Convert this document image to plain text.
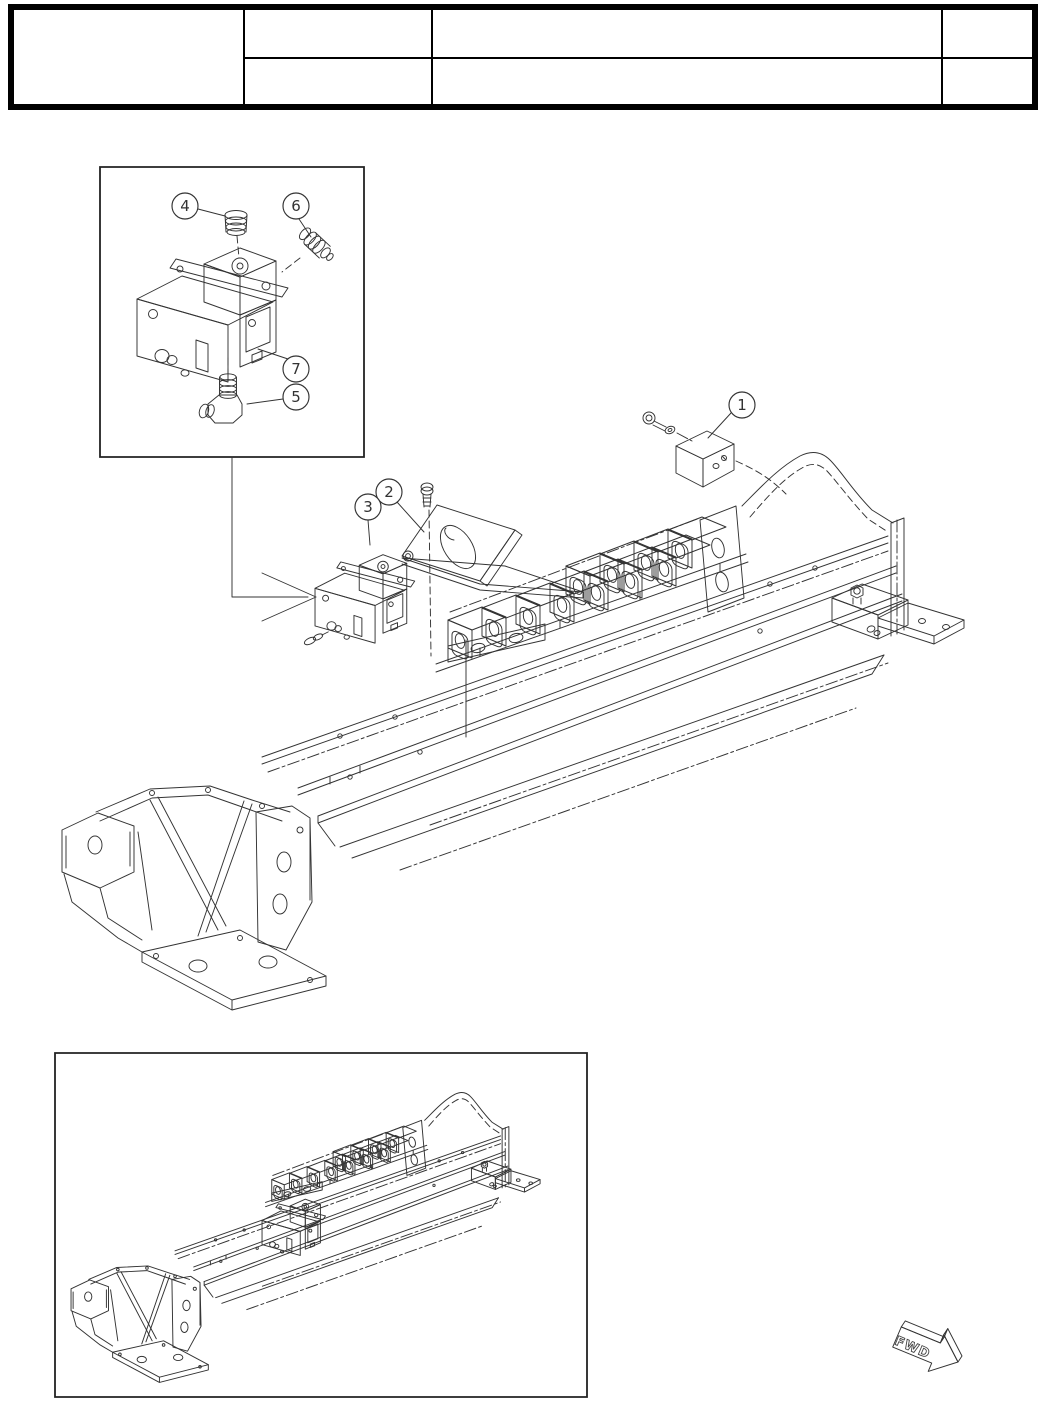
4	6
7
5	1
2
3
FWD
